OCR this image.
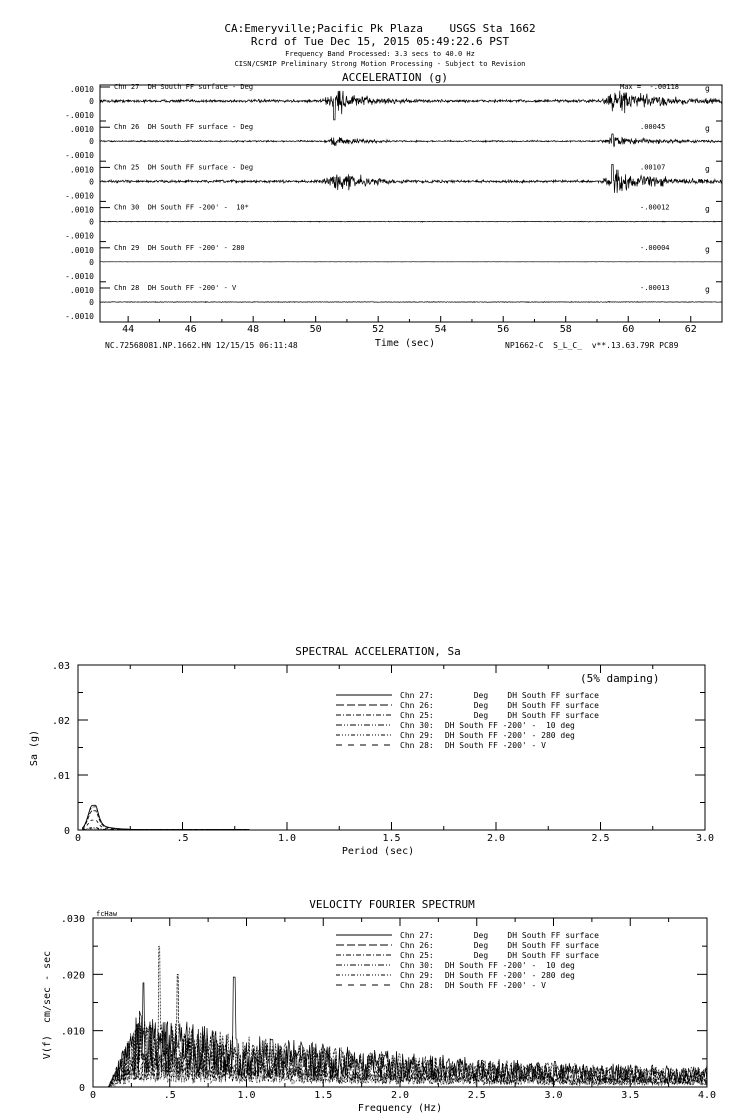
CA:Emeryville;Pacific Pk Plaza    USGS Sta 1662
Rcrd of Tue Dec 15, 2015 05:49:22.6 PST
Frequency Band Processed: 3.3 secs to 40.0 Hz
CISN/CSMIP Preliminary Strong Motion Processing - Subject to Revision
ACCELERATION (g)
.0010
0
-.0010
Chn 27  DH South FF surface - Deg	Max =  -.00118	g
.0010
0
-.0010
Chn 26  DH South FF surface - Deg	.00045	g
.0010
0
-.0010
Chn 25  DH South FF surface - Deg	.00107	g
.0010
0
-.0010
Chn 30  DH South FF -200' -  10*	-.00012	g
.0010
0
-.0010
Chn 29  DH South FF -200' - 280	-.00004	g
.0010
0
-.0010
Chn 28  DH South FF -200' - V	-.00013	g
44	46	48	50	52	54	56	58	60	62
NC.72568081.NP.1662.HN 12/15/15 06:11:48	NP1662-C  S_L_C_  v**.13.63.79R PC89
Time (sec)
SPECTRAL ACCELERATION, Sa
Period (sec)
Sa (g)
(5% damping)
0	.5	1.0	1.5	2.0	2.5	3.0
0
.01
.02
.03
Chn 27: Deg    DH South FF surface
Chn 26: Deg    DH South FF surface
Chn 25: Deg    DH South FF surface
Chn 30: DH South FF -200' -  10 deg
Chn 29: DH South FF -200' - 280 deg
Chn 28: DH South FF -200' - V
VELOCITY FOURIER SPECTRUM
Frequency (Hz)
V(f)  cm/sec - sec
fcHaw
0	.5	1.0	1.5	2.0	2.5	3.0	3.5	4.0
0
.010
.020
.030
Chn 27: Deg    DH South FF surface
Chn 26: Deg    DH South FF surface
Chn 25: Deg    DH South FF surface
Chn 30: DH South FF -200' -  10 deg
Chn 29: DH South FF -200' - 280 deg
Chn 28: DH South FF -200' - V
